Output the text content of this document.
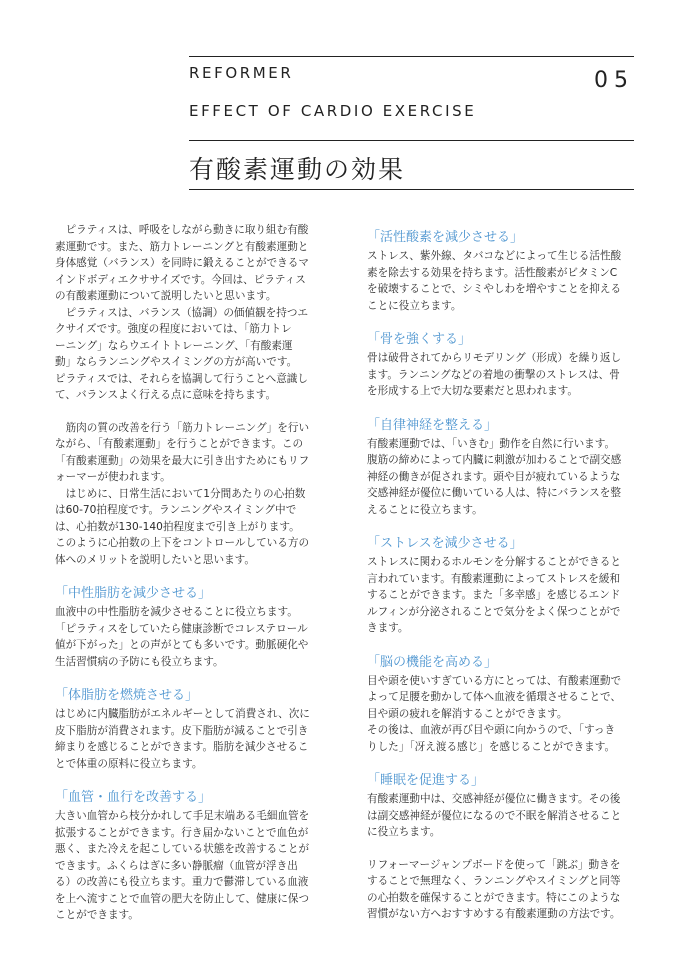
REFORMER	05
EFFECT OF CARDIO EXERCISE
有酸素運動の効果

　ピラティスは、呼吸をしながら動きに取り組む有酸
素運動です。また、筋力トレーニングと有酸素運動と
身体感覚（バランス）を同時に鍛えることができるマ
インドボディエクササイズです。今回は、ピラティス
の有酸素運動について説明したいと思います。
　ピラティスは、バランス（協調）の価値観を持つエ
クサイズです。強度の程度においては、「筋力トレ
ーニング」ならウエイトトレーニング、「有酸素運
動」ならランニングやスイミングの方が高いです。
ピラティスでは、それらを協調して行うことへ意識し
て、バランスよく行える点に意味を持ちます。

　筋肉の質の改善を行う「筋力トレーニング」を行い
ながら、「有酸素運動」を行うことができます。この
「有酸素運動」の効果を最大に引き出すためにもリフ
ォーマーが使われます。
　はじめに、日常生活において1分間あたりの心拍数
は60-70拍程度です。ランニングやスイミング中で
は、心拍数が130-140拍程度まで引き上がります。
このように心拍数の上下をコントロールしている方の
体へのメリットを説明したいと思います。

「中性脂肪を減少させる」

血液中の中性脂肪を減少させることに役立ちます。
「ピラティスをしていたら健康診断でコレステロール
値が下がった」との声がとても多いです。動脈硬化や
生活習慣病の予防にも役立ちます。

「体脂肪を燃焼させる」

はじめに内臓脂肪がエネルギーとして消費され、次に
皮下脂肪が消費されます。皮下脂肪が減ることで引き
締まりを感じることができます。脂肪を減少させるこ
とで体重の原料に役立ちます。

「血管・血行を改善する」

大きい血管から枝分かれして手足末端ある毛細血管を
拡張することができます。行き届かないことで血色が
悪く、また冷えを起こしている状態を改善することが
できます。ふくらはぎに多い静脈瘤（血管が浮き出
る）の改善にも役立ちます。重力で鬱滞している血液
を上へ流すことで血管の肥大を防止して、健康に保つ
ことができます。

「活性酸素を減少させる」

ストレス、紫外線、タバコなどによって生じる活性酸
素を除去する効果を持ちます。活性酸素がビタミンC
を破壊することで、シミやしわを増やすことを抑える
ことに役立ちます。

「骨を強くする」

骨は破骨されてからリモデリング（形成）を繰り返し
ます。ランニングなどの着地の衝撃のストレスは、骨
を形成する上で大切な要素だと思われます。

「自律神経を整える」

有酸素運動では、「いきむ」動作を自然に行います。
腹筋の締めによって内臓に刺激が加わることで副交感
神経の働きが促されます。頭や目が疲れているような
交感神経が優位に働いている人は、特にバランスを整
えることに役立ちます。

「ストレスを減少させる」

ストレスに関わるホルモンを分解することができると
言われています。有酸素運動によってストレスを緩和
することができます。また「多幸感」を感じるエンド
ルフィンが分泌されることで気分をよく保つことがで
きます。

「脳の機能を高める」

目や頭を使いすぎている方にとっては、有酸素運動で
よって足腰を動かして体へ血液を循環させることで、
目や頭の疲れを解消することができます。
その後は、血液が再び目や頭に向かうので、「すっき
りした」「冴え渡る感じ」を感じることができます。

「睡眠を促進する」

有酸素運動中は、交感神経が優位に働きます。その後
は副交感神経が優位になるので不眠を解消させること
に役立ちます。

リフォーマージャンプボードを使って「跳ぶ」動きを
することで無理なく、ランニングやスイミングと同等
の心拍数を確保することができます。特にこのような
習慣がない方へおすすめする有酸素運動の方法です。
